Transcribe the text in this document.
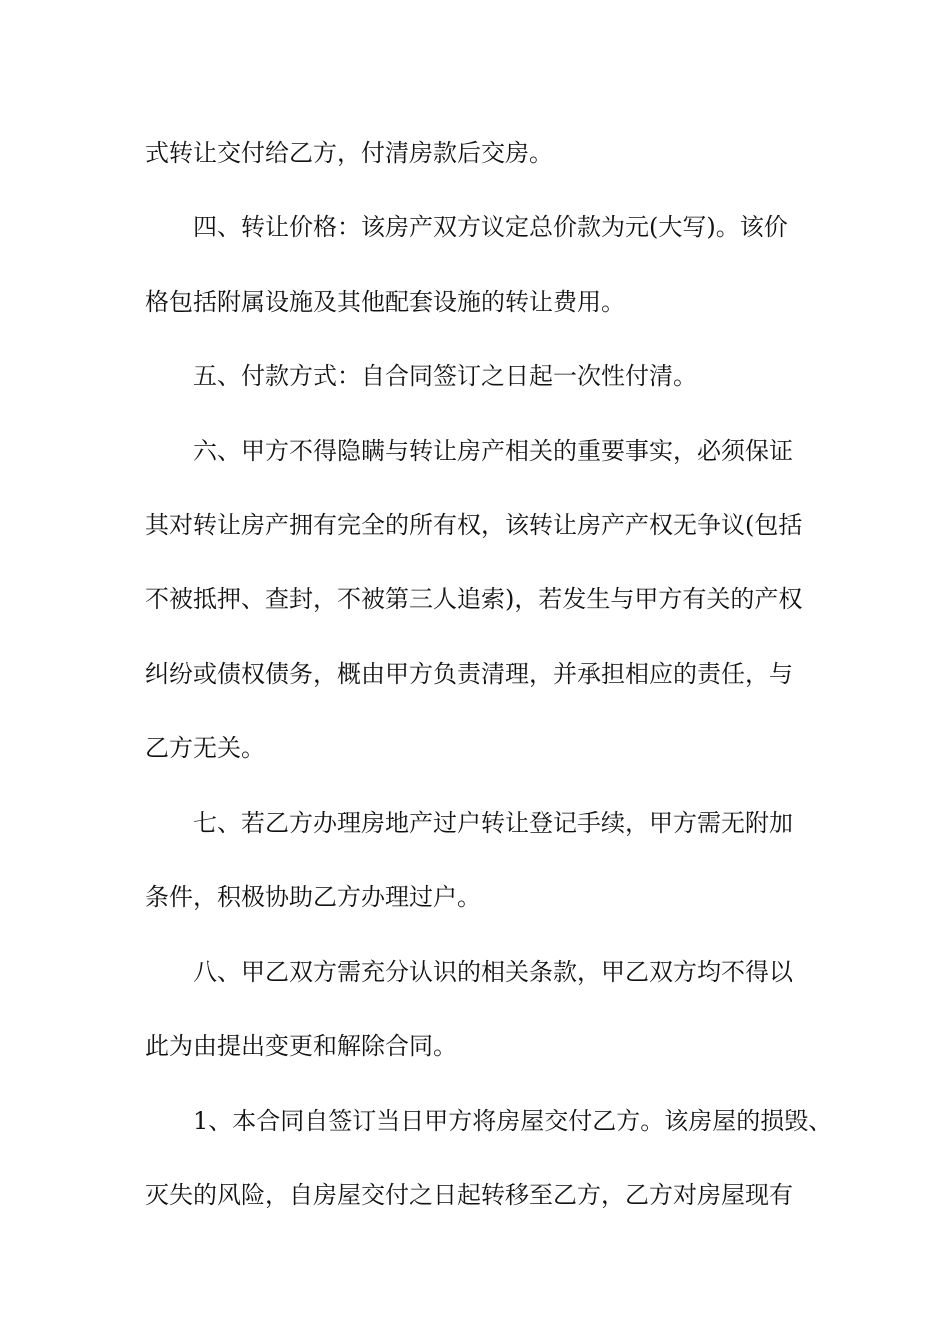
式转让交付给乙方，付清房款后交房。
　　四、转让价格：该房产双方议定总价款为元(大写)。该价
格包括附属设施及其他配套设施的转让费用。
　　五、付款方式：自合同签订之日起一次性付清。
　　六、甲方不得隐瞒与转让房产相关的重要事实，必须保证
其对转让房产拥有完全的所有权，该转让房产产权无争议(包括
不被抵押、查封，不被第三人追索)，若发生与甲方有关的产权
纠纷或债权债务，概由甲方负责清理，并承担相应的责任，与
乙方无关。
　　七、若乙方办理房地产过户转让登记手续，甲方需无附加
条件，积极协助乙方办理过户。
　　八、甲乙双方需充分认识的相关条款，甲乙双方均不得以
此为由提出变更和解除合同。
　　1、本合同自签订当日甲方将房屋交付乙方。该房屋的损毁、
灭失的风险，自房屋交付之日起转移至乙方，乙方对房屋现有
